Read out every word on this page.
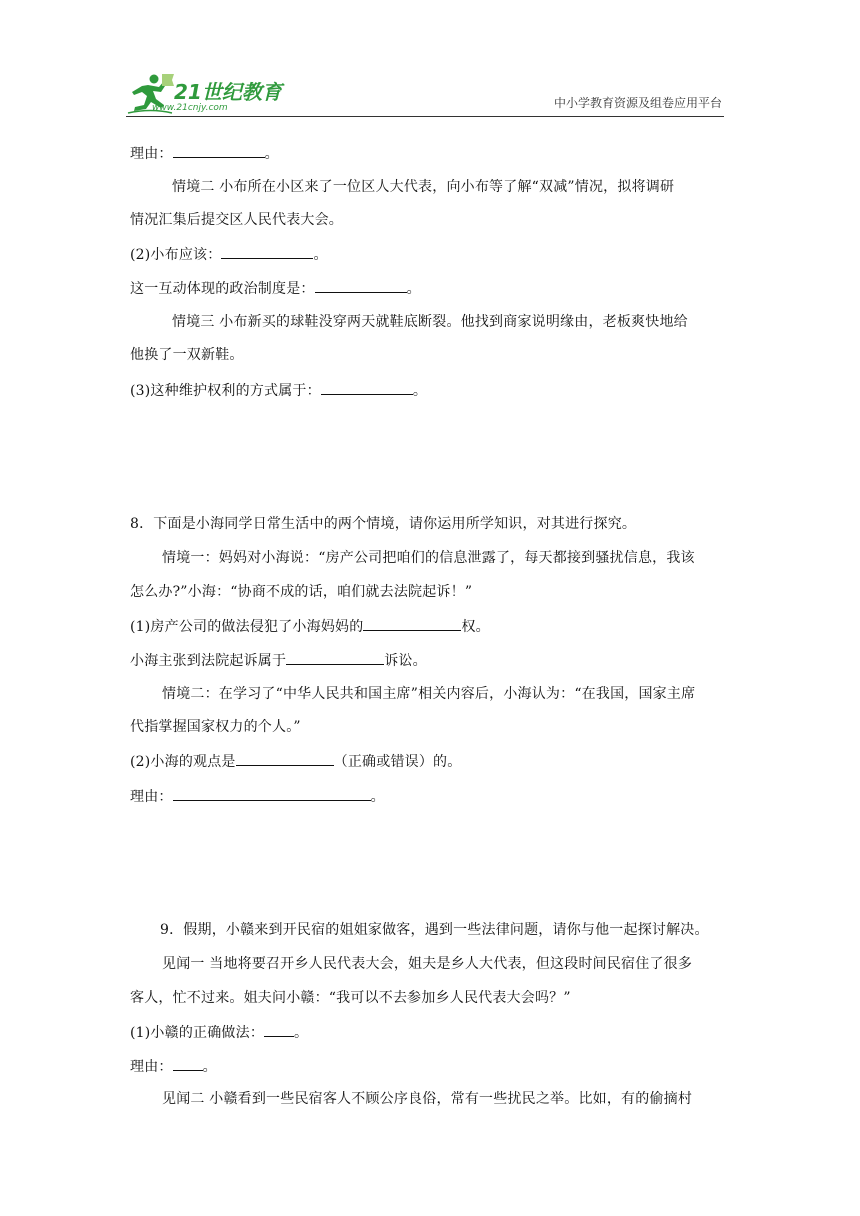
21世纪教育
www.21cnjy.com	中小学教育资源及组卷应用平台
理由：	。
情境二 小布所在小区来了一位区人大代表，向小布等了解“双减”情况，拟将调研
情况汇集后提交区人民代表大会。
(2)小布应该：	。
这一互动体现的政治制度是：	。
情境三 小布新买的球鞋没穿两天就鞋底断裂。他找到商家说明缘由，老板爽快地给
他换了一双新鞋。
(3)这种维护权利的方式属于：	。
8．下面是小海同学日常生活中的两个情境，请你运用所学知识，对其进行探究。
情境一：妈妈对小海说：“房产公司把咱们的信息泄露了，每天都接到骚扰信息，我该
怎么办?”小海：“协商不成的话，咱们就去法院起诉！”
(1)房产公司的做法侵犯了小海妈妈的	权。
小海主张到法院起诉属于	诉讼。
情境二：在学习了“中华人民共和国主席”相关内容后，小海认为：“在我国，国家主席
代指掌握国家权力的个人。”
(2)小海的观点是	（正确或错误）的。
理由：	。
9．假期，小赣来到开民宿的姐姐家做客，遇到一些法律问题，请你与他一起探讨解决。
见闻一 当地将要召开乡人民代表大会，姐夫是乡人大代表，但这段时间民宿住了很多
客人，忙不过来。姐夫问小赣：“我可以不去参加乡人民代表大会吗？”
(1)小赣的正确做法： 。
理由： 。
见闻二 小赣看到一些民宿客人不顾公序良俗，常有一些扰民之举。比如，有的偷摘村
